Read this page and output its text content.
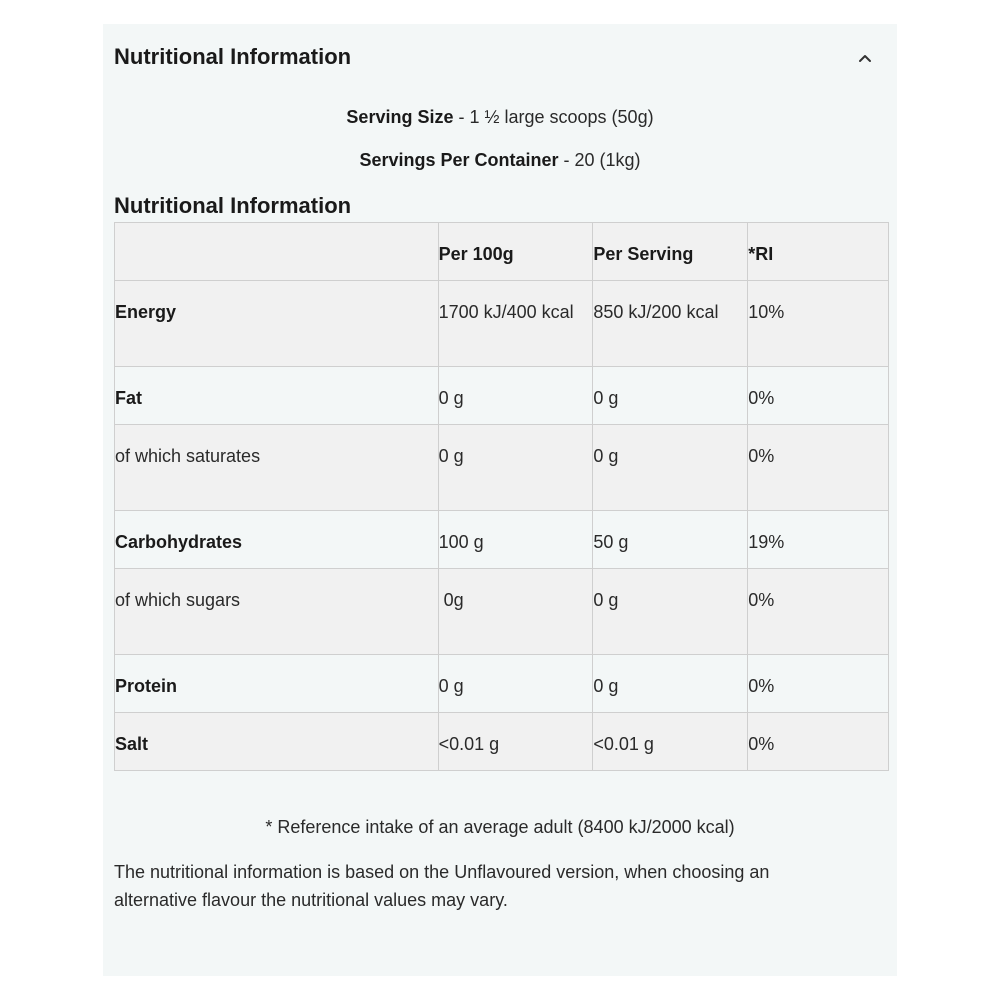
Nutritional Information
Serving Size - 1 ½ large scoops (50g)
Servings Per Container - 20 (1kg)
Nutritional Information
	Per 100g	Per Serving	*RI
Energy	1700 kJ/400 kcal	850 kJ/200 kcal	10%
Fat	0 g	0 g	0%
of which saturates	0 g	0 g	0%
Carbohydrates	100 g	50 g	19%
of which sugars	0g	0 g	0%
Protein	0 g	0 g	0%
Salt	<0.01 g	<0.01 g	0%
* Reference intake of an average adult (8400 kJ/2000 kcal)
The nutritional information is based on the Unflavoured version, when choosing an alternative flavour the nutritional values may vary.
